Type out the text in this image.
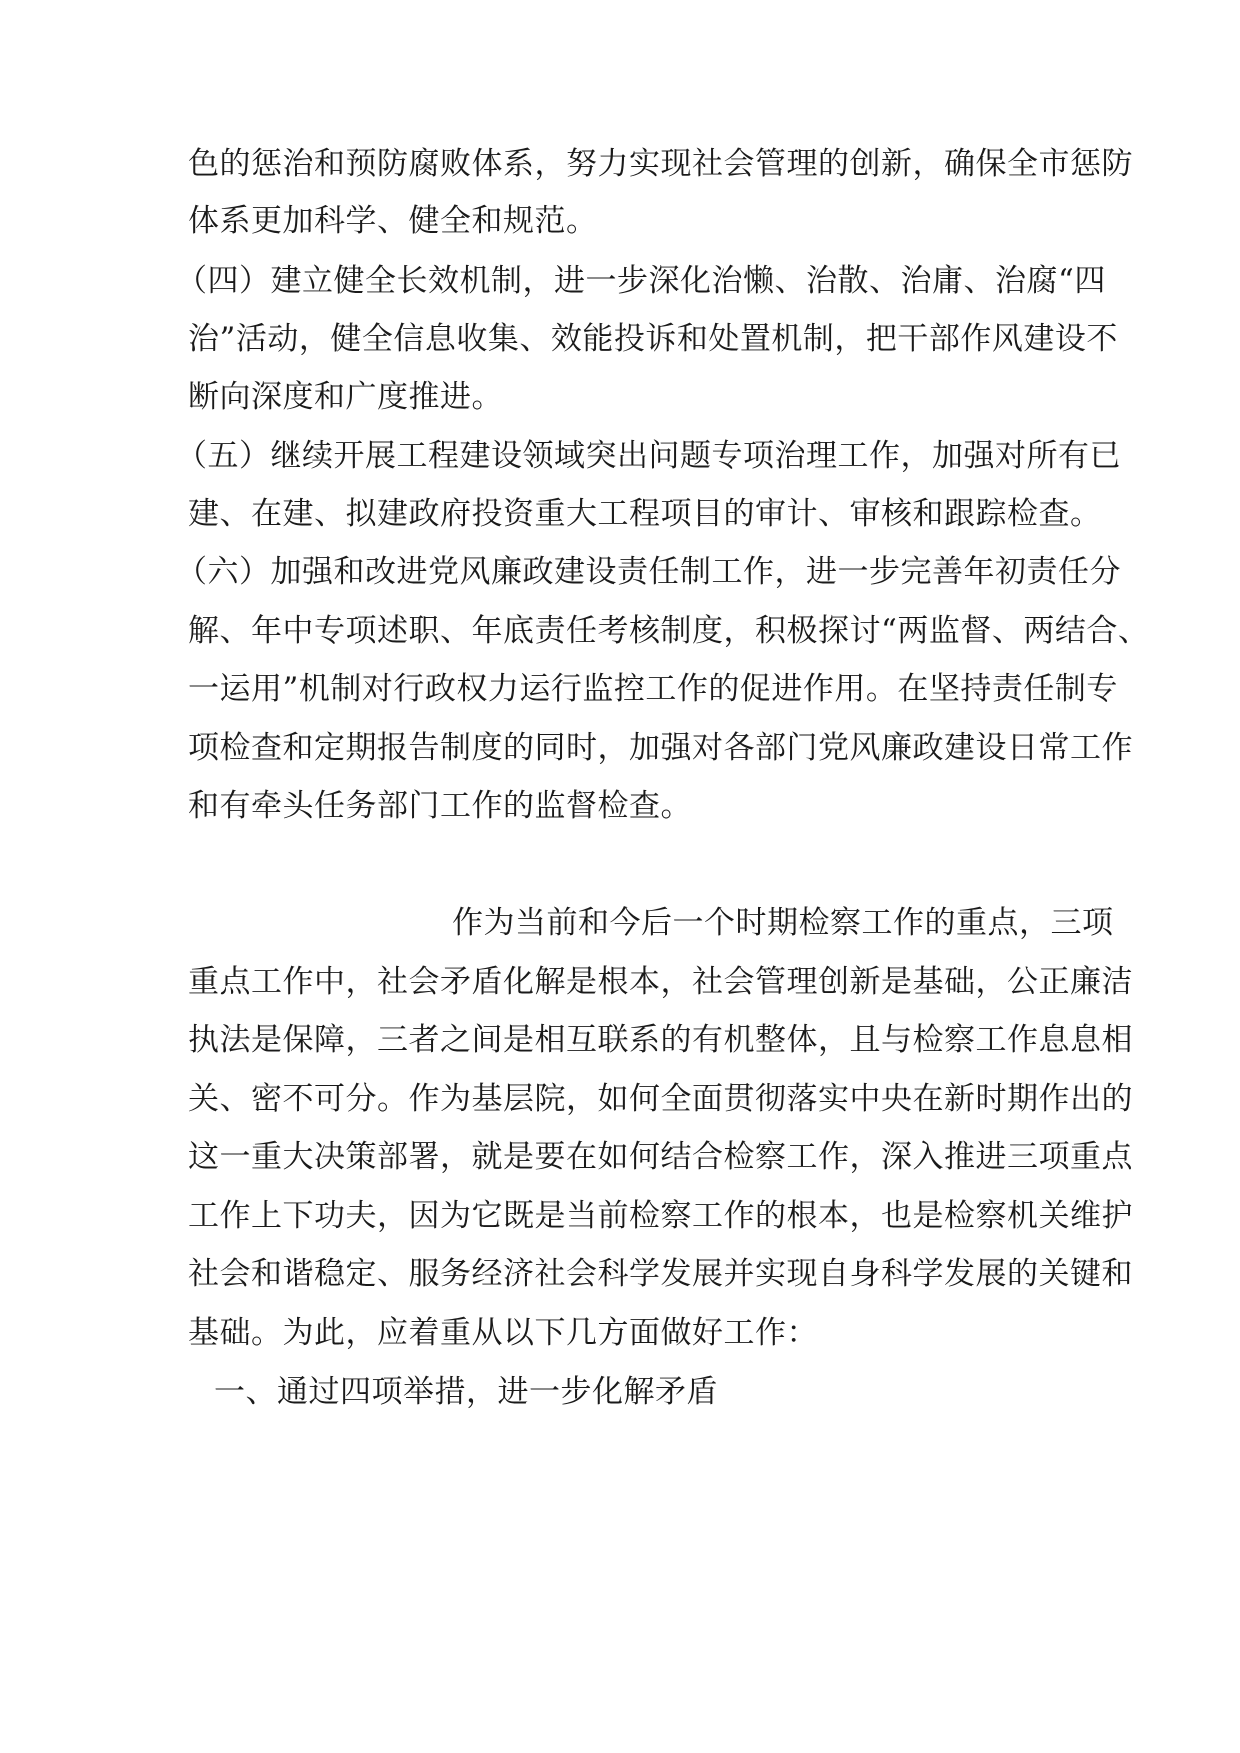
色的惩治和预防腐败体系，努力实现社会管理的创新，确保全市惩防
体系更加科学、健全和规范。
（四）建立健全长效机制，进一步深化治懒、治散、治庸、治腐“四
治”活动，健全信息收集、效能投诉和处置机制，把干部作风建设不
断向深度和广度推进。
（五）继续开展工程建设领域突出问题专项治理工作，加强对所有已
建、在建、拟建政府投资重大工程项目的审计、审核和跟踪检查。
（六）加强和改进党风廉政建设责任制工作，进一步完善年初责任分
解、年中专项述职、年底责任考核制度，积极探讨“两监督、两结合、
一运用”机制对行政权力运行监控工作的促进作用。在坚持责任制专
项检查和定期报告制度的同时，加强对各部门党风廉政建设日常工作
和有牵头任务部门工作的监督检查。
作为当前和今后一个时期检察工作的重点，三项
重点工作中，社会矛盾化解是根本，社会管理创新是基础，公正廉洁
执法是保障，三者之间是相互联系的有机整体，且与检察工作息息相
关、密不可分。作为基层院，如何全面贯彻落实中央在新时期作出的
这一重大决策部署，就是要在如何结合检察工作，深入推进三项重点
工作上下功夫，因为它既是当前检察工作的根本，也是检察机关维护
社会和谐稳定、服务经济社会科学发展并实现自身科学发展的关键和
基础。为此，应着重从以下几方面做好工作：
一、通过四项举措，进一步化解矛盾
